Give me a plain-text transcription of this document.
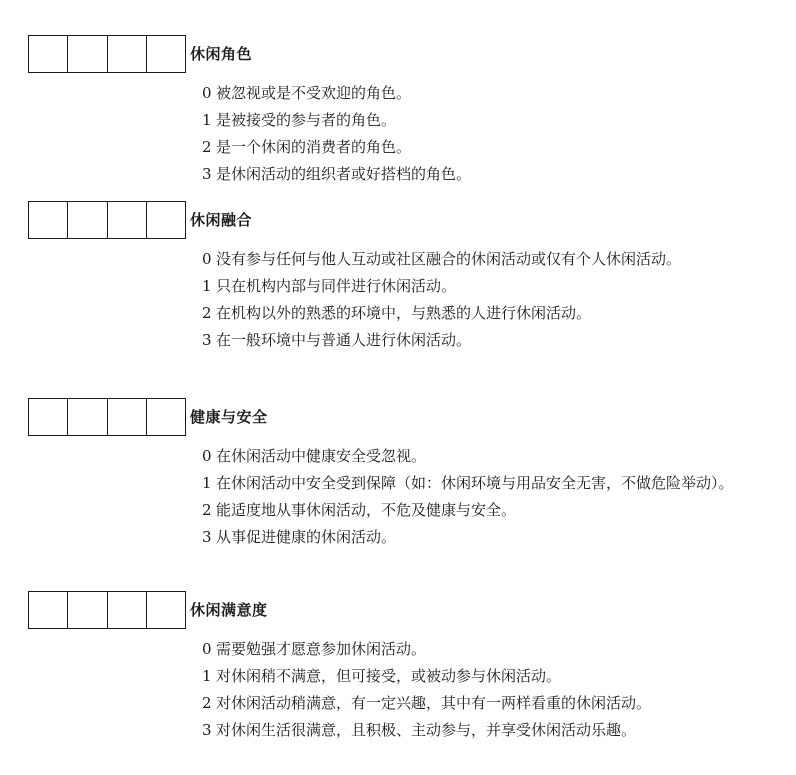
休闲角色
0 被忽视或是不受欢迎的角色。
1 是被接受的参与者的角色。
2 是一个休闲的消费者的角色。
3 是休闲活动的组织者或好搭档的角色。
休闲融合
0 没有参与任何与他人互动或社区融合的休闲活动或仅有个人休闲活动。
1 只在机构内部与同伴进行休闲活动。
2 在机构以外的熟悉的环境中，与熟悉的人进行休闲活动。
3 在一般环境中与普通人进行休闲活动。
健康与安全
0 在休闲活动中健康安全受忽视。
1 在休闲活动中安全受到保障（如：休闲环境与用品安全无害，不做危险举动）。
2 能适度地从事休闲活动，不危及健康与安全。
3 从事促进健康的休闲活动。
休闲满意度
0 需要勉强才愿意参加休闲活动。
1 对休闲稍不满意，但可接受，或被动参与休闲活动。
2 对休闲活动稍满意，有一定兴趣，其中有一两样看重的休闲活动。
3 对休闲生活很满意，且积极、主动参与，并享受休闲活动乐趣。
